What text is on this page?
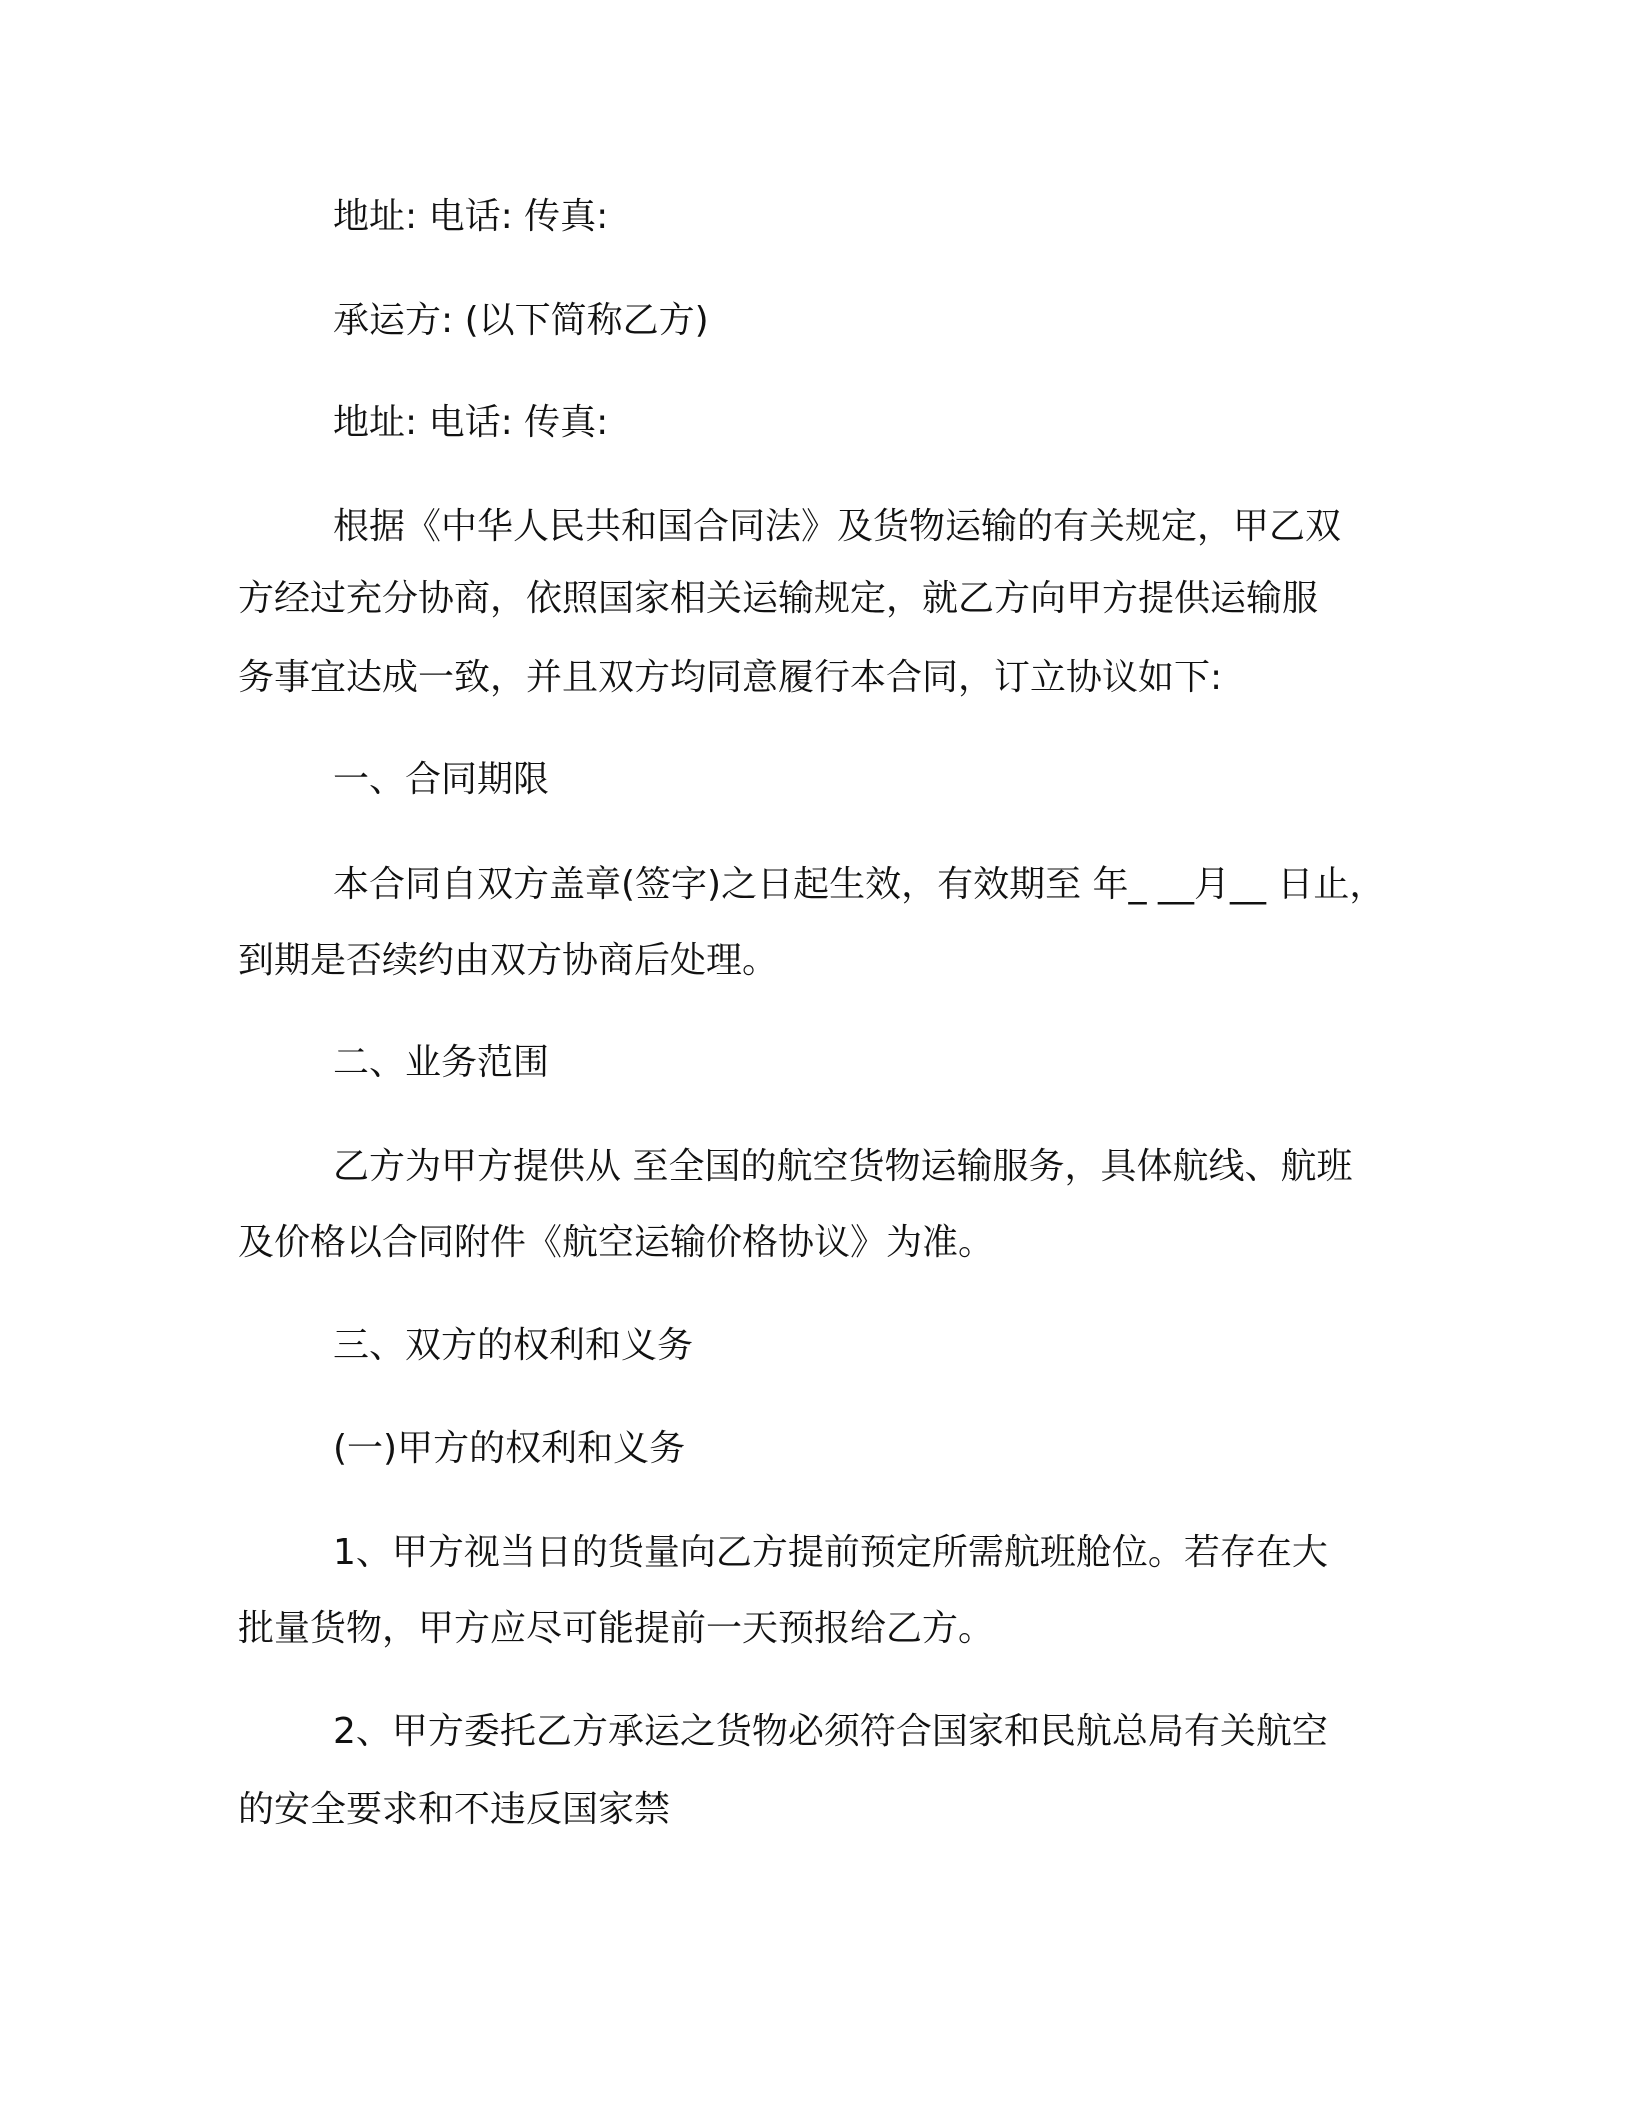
地址: 电话: 传真:

承运方: (以下简称乙方)

地址: 电话: 传真:

根据《中华人民共和国合同法》及货物运输的有关规定，甲乙双

方经过充分协商，依照国家相关运输规定，就乙方向甲方提供运输服

务事宜达成一致，并且双方均同意履行本合同，订立协议如下:

一、合同期限

本合同自双方盖章(签字)之日起生效，有效期至 年_ __月__ 日止，

到期是否续约由双方协商后处理。

二、业务范围

乙方为甲方提供从 至全国的航空货物运输服务，具体航线、航班

及价格以合同附件《航空运输价格协议》为准。

三、双方的权利和义务

(一)甲方的权利和义务

1、甲方视当日的货量向乙方提前预定所需航班舱位。若存在大

批量货物，甲方应尽可能提前一天预报给乙方。

2、甲方委托乙方承运之货物必须符合国家和民航总局有关航空

的安全要求和不违反国家禁
